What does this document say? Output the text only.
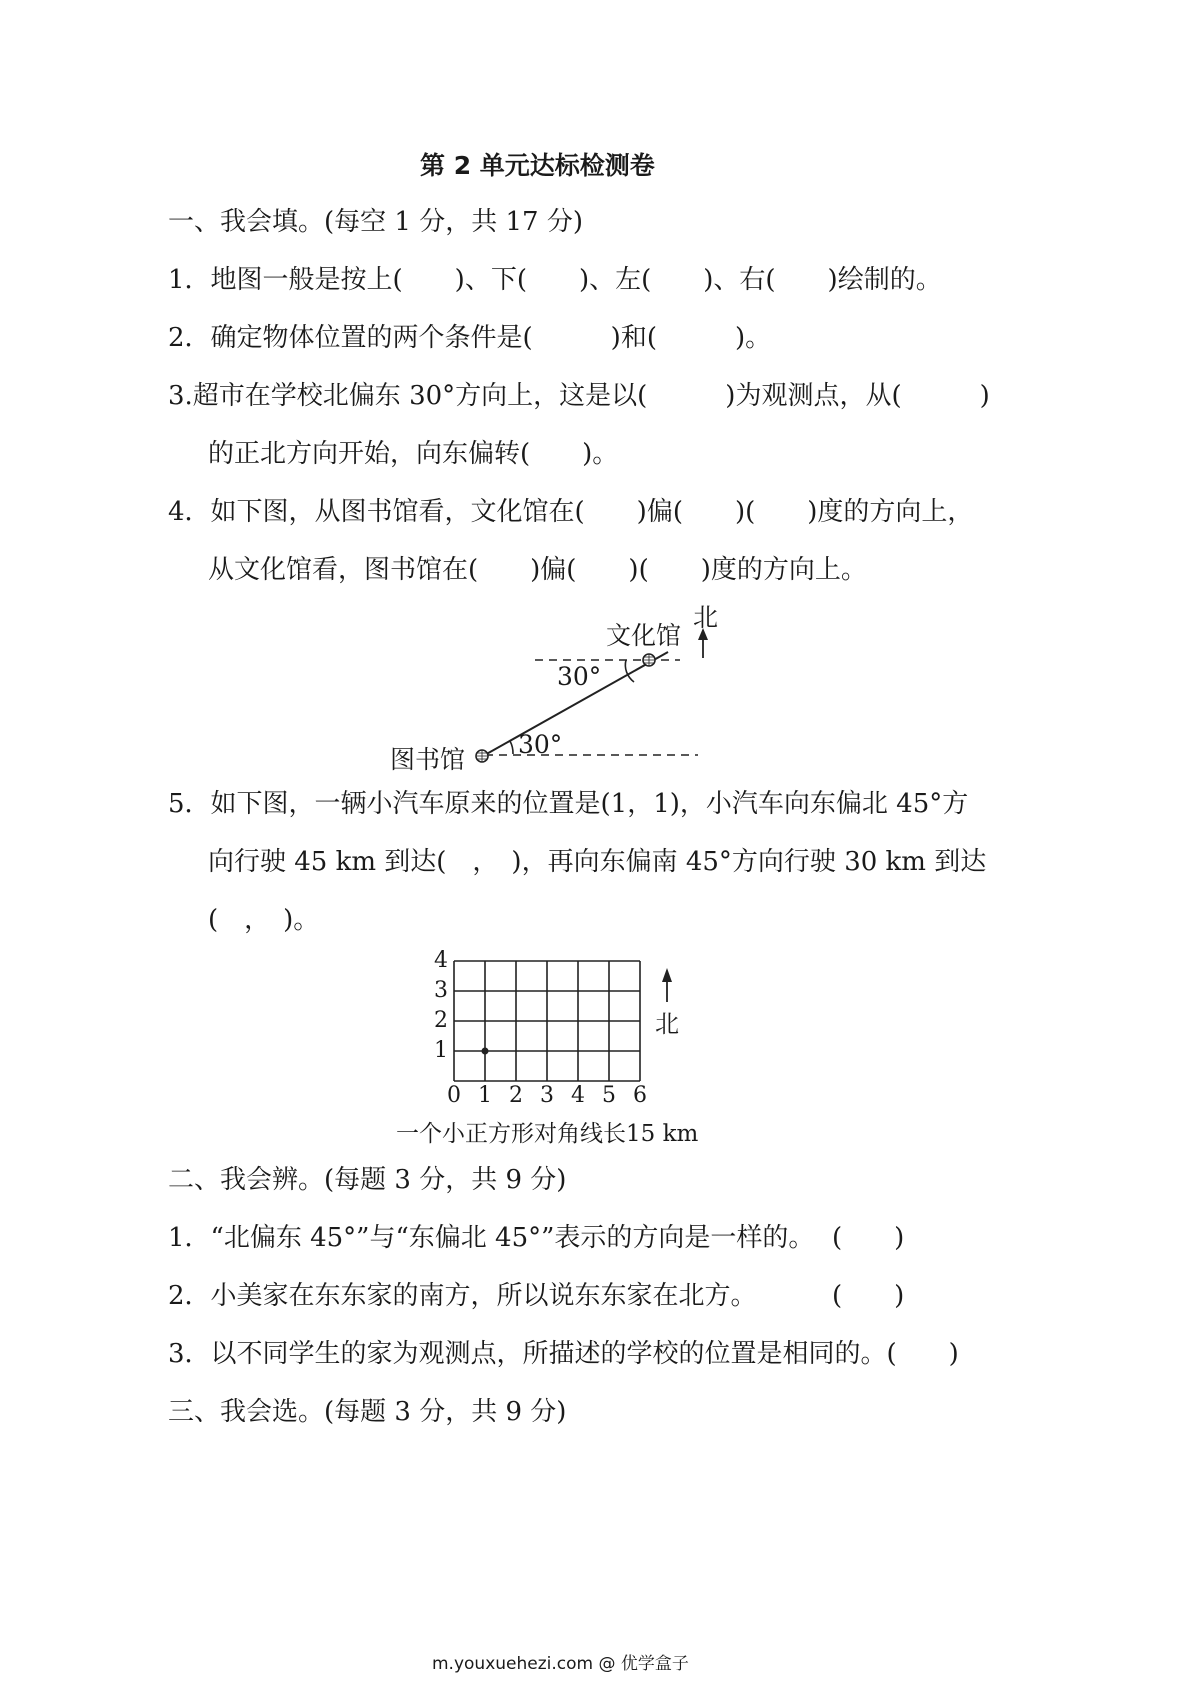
第 2 单元达标检测卷
一、我会填。(每空 1 分，共 17 分)
1．地图一般是按上(　　)、下(　　)、左(　　)、右(　　)绘制的。
2．确定物体位置的两个条件是(　　　)和(　　　)。
3.超市在学校北偏东 30°方向上，这是以(　　　)为观测点，从(　　　)
的正北方向开始，向东偏转(　　)。
4．如下图，从图书馆看，文化馆在(　　)偏(　　)(　　)度的方向上，
从文化馆看，图书馆在(　　)偏(　　)(　　)度的方向上。
文化馆
北
30°
30°
图书馆
5．如下图，一辆小汽车原来的位置是(1，1)，小汽车向东偏北 45°方
向行驶 45 km 到达(　，　)，再向东偏南 45°方向行驶 30 km 到达
(　，　)。
4
3
2
1
0 1 2 3 4 5 6
北
一个小正方形对角线长15 km
二、我会辨。(每题 3 分，共 9 分)
1．“北偏东 45°”与“东偏北 45°”表示的方向是一样的。 (　　)
2．小美家在东东家的南方，所以说东东家在北方。	(　　)
3．以不同学生的家为观测点，所描述的学校的位置是相同的。(　　)
三、我会选。(每题 3 分，共 9 分)
m.youxuehezi.com @ 优学盒子
